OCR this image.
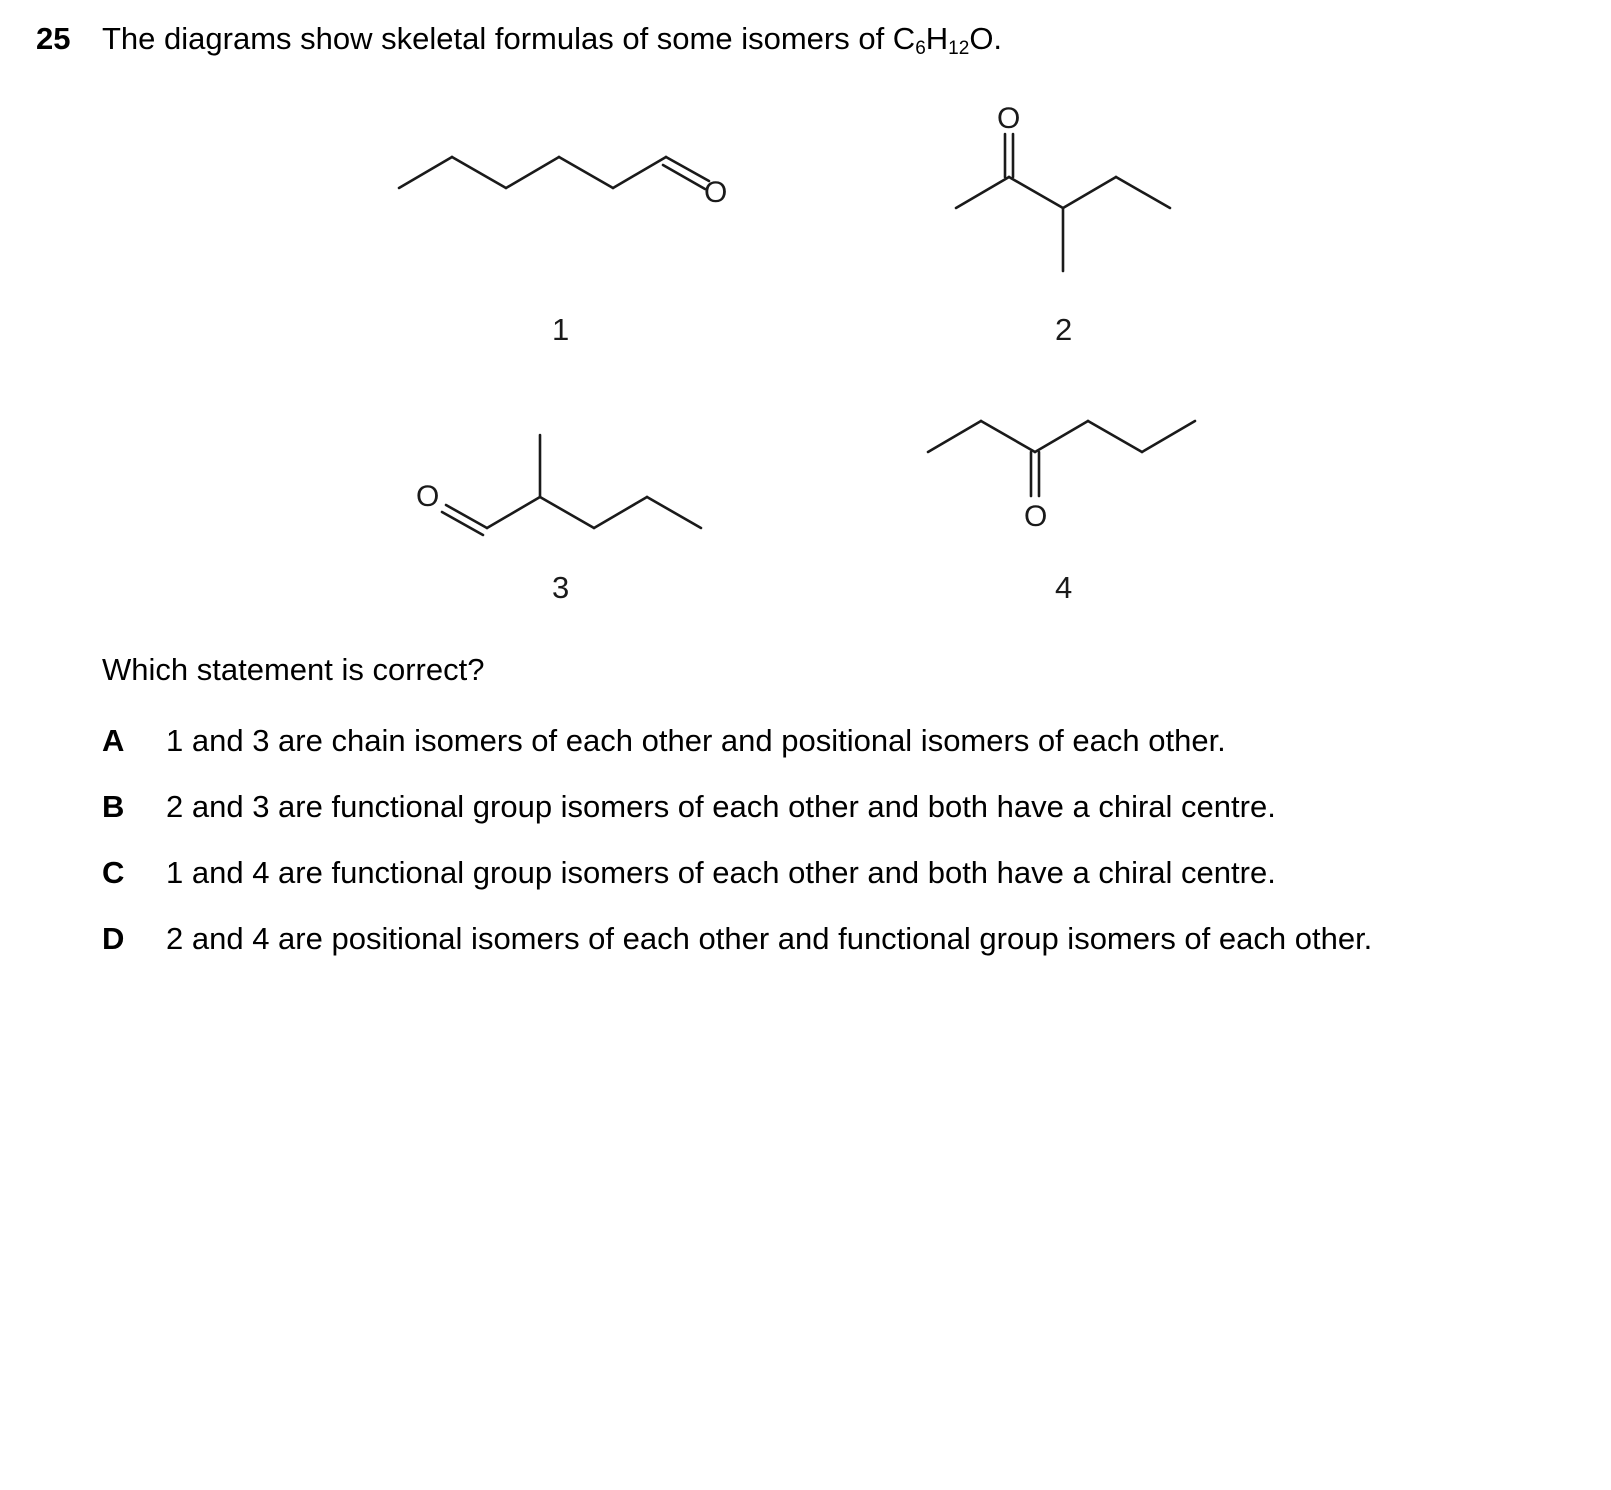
25 The diagrams show skeletal formulas of some isomers of $C_6H_{12}O$.
O
1
O
2
O
3
O
4
Which statement is correct?
A 1 and 3 are chain isomers of each other and positional isomers of each other.
B 2 and 3 are functional group isomers of each other and both have a chiral centre.
C 1 and 4 are functional group isomers of each other and both have a chiral centre.
D 2 and 4 are positional isomers of each other and functional group isomers of each other.
